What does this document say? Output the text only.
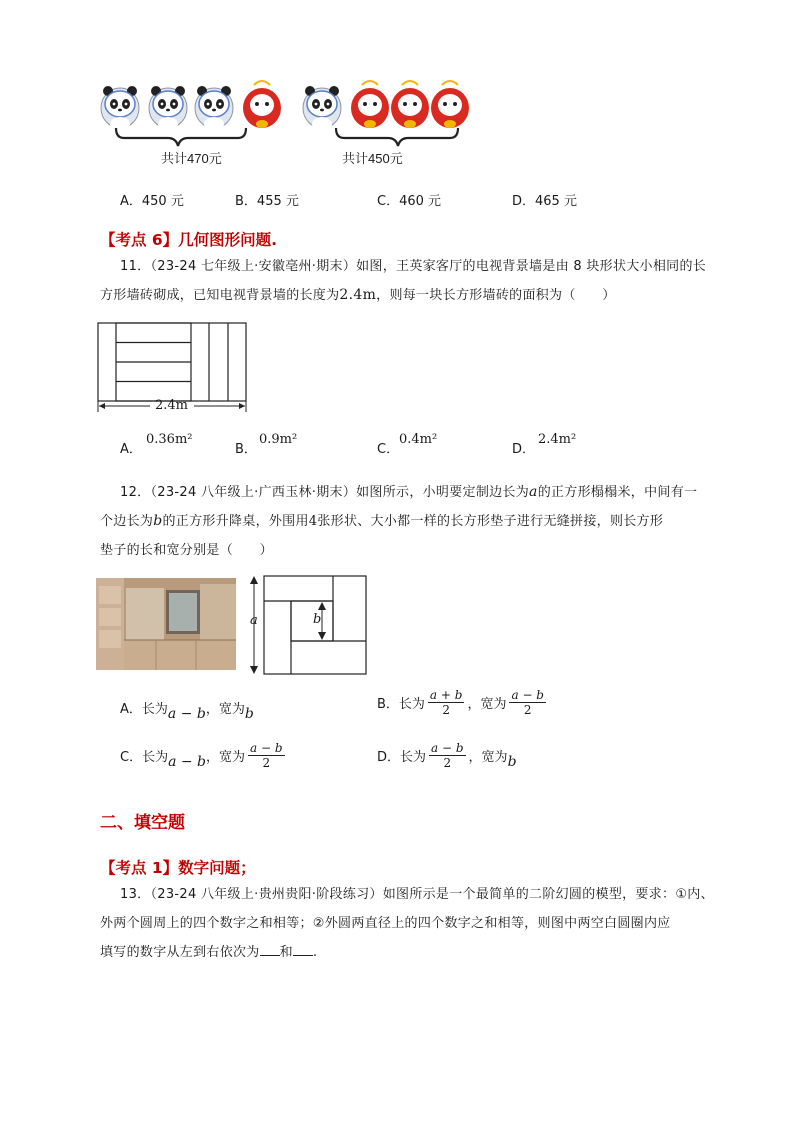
共计470元	共计450元
A．450 元	B．455 元	C．460 元	D．465 元
【考点 6】几何图形问题.
11．（23-24 七年级上·安徽亳州·期末）如图，王英家客厅的电视背景墙是由 8 块形状大小相同的长
方形墙砖砌成，已知电视背景墙的长度为2.4m，则每一块长方形墙砖的面积为（　　）
2.4m
A．
0.36m²
B．
0.9m²
C．
0.4m²
D．
2.4m²
12．（23-24 八年级上·广西玉林·期末）如图所示，小明要定制边长为a的正方形榻榻米，中间有一
个边长为b的正方形升降桌，外围用4张形状、大小都一样的长方形垫子进行无缝拼接，则长方形
垫子的长和宽分别是（　　）
a	b
A．长为 a − b ，宽为 b
B．长为 $\frac{a + b}{2}$ ，宽为 $\frac{a - b}{2}$
C．长为 a − b ，宽为 $\frac{a - b}{2}$	D．长为 $\frac{a - b}{2}$ ，宽为 b
二、填空题
【考点 1】数字问题；
13．（23-24 八年级上·贵州贵阳·阶段练习）如图所示是一个最简单的二阶幻圆的模型，要求：①内、
外两个圆周上的四个数字之和相等；②外圆两直径上的四个数字之和相等，则图中两空白圆圈内应
填写的数字从左到右依次为 和 .
